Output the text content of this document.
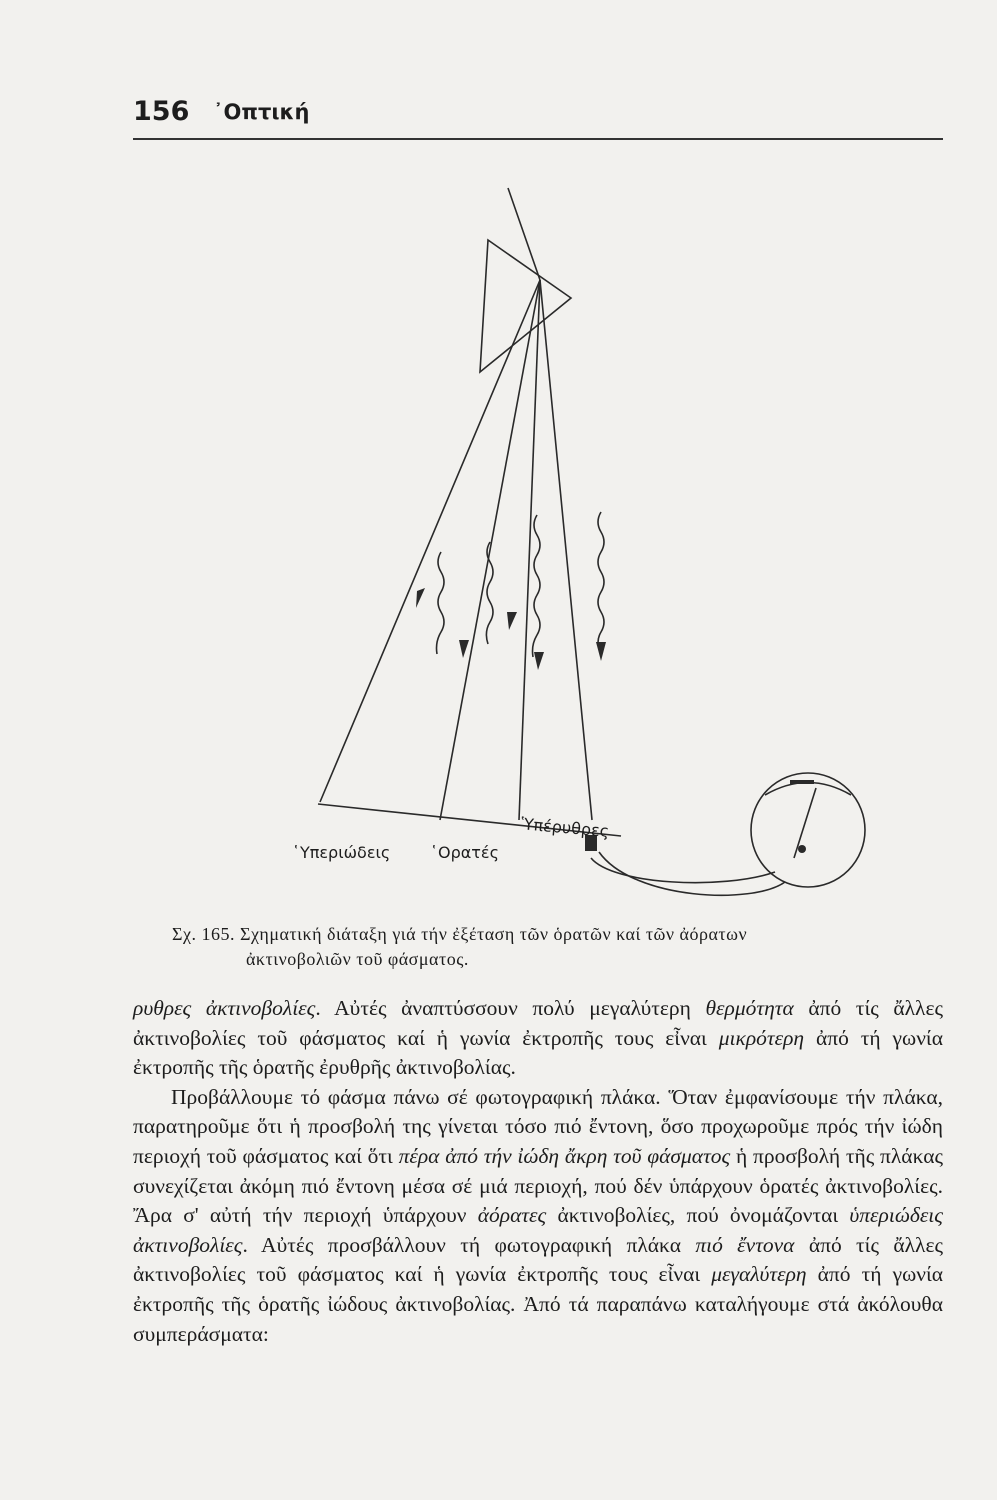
156 ᾿Οπτική
Ὑπέρυθρες
῾Υπεριώδεις ῾Ορατές
Σχ. 165. Σχηματική διάταξη γιά τήν ἐξέταση τῶν ὁρατῶν καί τῶν ἀόρατων

ἀκτινοβολιῶν τοῦ φάσματος.

ρυθρες ἀκτινοβολίες. Αὐτές ἀναπτύσσουν πολύ μεγαλύτερη θερμότητα ἀπό τίς ἄλλες ἀκτινοβολίες τοῦ φάσματος καί ἡ γωνία ἐκτροπῆς τους εἶναι μικρότερη ἀπό τή γωνία ἐκτροπῆς τῆς ὁρατῆς ἐρυθρῆς ἀκτινοβολίας.

Προβάλλουμε τό φάσμα πάνω σέ φωτογραφική πλάκα. Ὅταν ἐμφανίσουμε τήν πλάκα, παρατηροῦμε ὅτι ἡ προσβολή της γίνεται τόσο πιό ἔντονη, ὅσο προχωροῦμε πρός τήν ἰώδη περιοχή τοῦ φάσματος καί ὅτι πέρα ἀπό τήν ἰώδη ἄκρη τοῦ φάσματος ἡ προσβολή τῆς πλάκας συνεχίζεται ἀκόμη πιό ἔντονη μέσα σέ μιά περιοχή, πού δέν ὑπάρχουν ὁρατές ἀκτινοβολίες. Ἄρα σ' αὐτή τήν περιοχή ὑπάρχουν ἀόρατες ἀκτινοβολίες, πού ὀνομάζονται ὑπεριώδεις ἀκτινοβολίες. Αὐτές προσβάλλουν τή φωτογραφική πλάκα πιό ἔντονα ἀπό τίς ἄλλες ἀκτινοβολίες τοῦ φάσματος καί ἡ γωνία ἐκτροπῆς τους εἶναι μεγαλύτερη ἀπό τή γωνία ἐκτροπῆς τῆς ὁρατῆς ἰώδους ἀκτινοβολίας. Ἀπό τά παραπάνω καταλήγουμε στά ἀκόλουθα συμπεράσματα:
